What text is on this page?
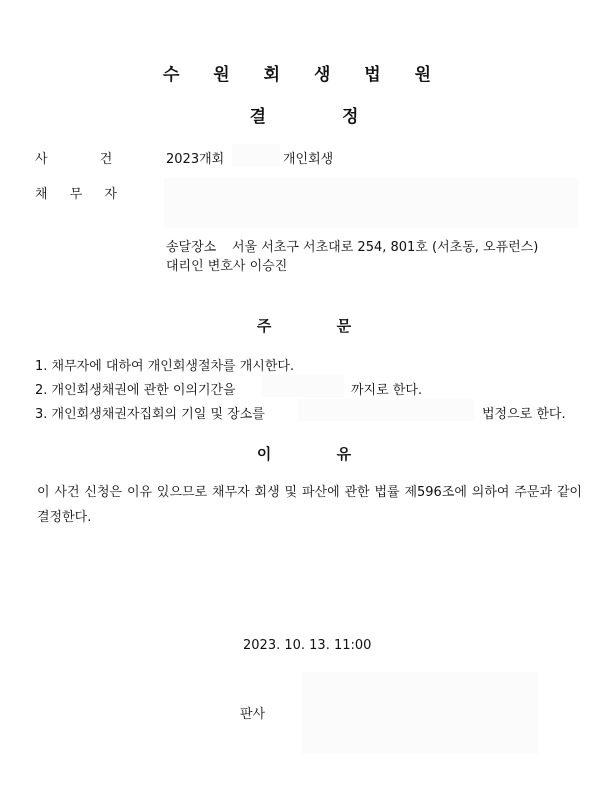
수 원 회 생 법 원
결 정
사 건	2023개회	개인회생
채 무 자
송달장소 서울 서초구 서초대로 254, 801호 (서초동, 오퓨런스)
대리인 변호사 이승진
주 문
1. 채무자에 대하여 개인회생절차를 개시한다.
2. 개인회생채권에 관한 이의기간을	까지로 한다.
3. 개인회생채권자집회의 기일 및 장소를	법정으로 한다.
이 유
이 사건 신청은 이유 있으므로 채무자 회생 및 파산에 관한 법률 제596조에 의하여 주문과 같이 결정한다.
2023. 10. 13. 11:00
판사
